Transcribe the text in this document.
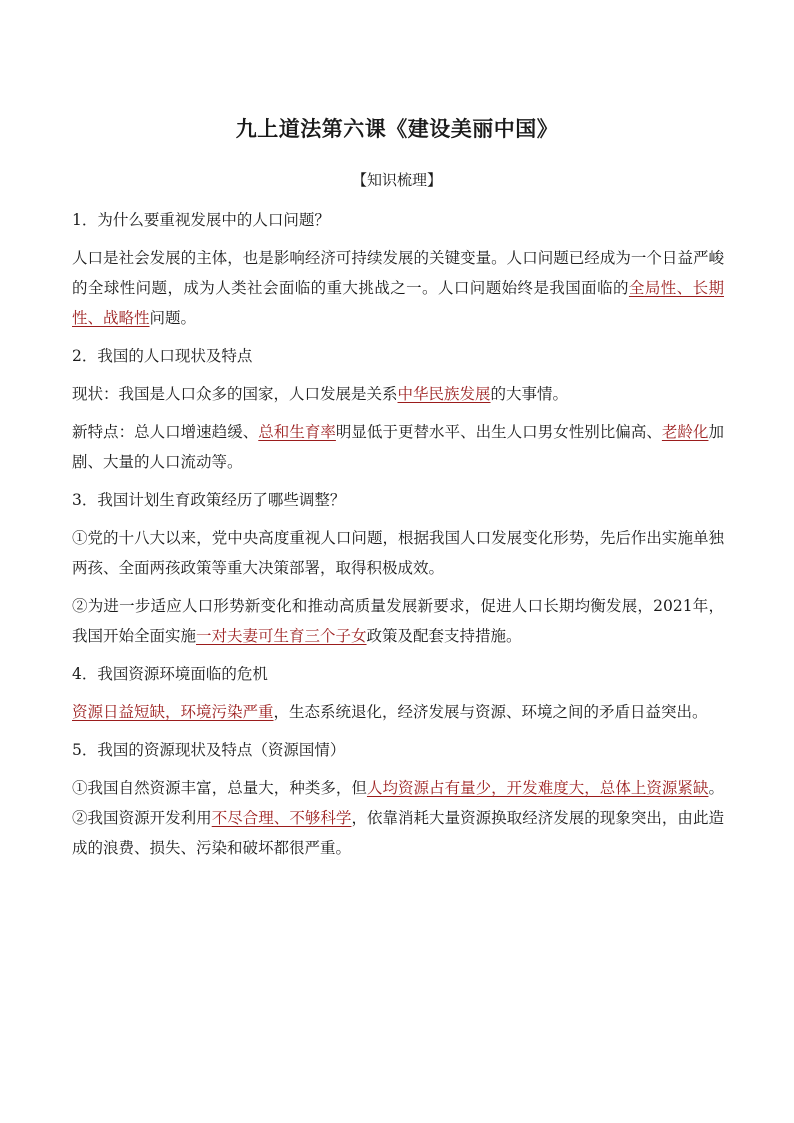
九上道法第六课《建设美丽中国》
【知识梳理】

1．为什么要重视发展中的人口问题？

人口是社会发展的主体，也是影响经济可持续发展的关键变量。人口问题已经成为一个日益严峻的全球性问题，成为人类社会面临的重大挑战之一。人口问题始终是我国面临的全局性、长期性、战略性问题。

2．我国的人口现状及特点

现状：我国是人口众多的国家，人口发展是关系中华民族发展的大事情。

新特点：总人口增速趋缓、总和生育率明显低于更替水平、出生人口男女性别比偏高、老龄化加剧、大量的人口流动等。

3．我国计划生育政策经历了哪些调整？

①党的十八大以来，党中央高度重视人口问题，根据我国人口发展变化形势，先后作出实施单独两孩、全面两孩政策等重大决策部署，取得积极成效。

②为进一步适应人口形势新变化和推动高质量发展新要求，促进人口长期均衡发展，2021年，我国开始全面实施一对夫妻可生育三个子女政策及配套支持措施。

4．我国资源环境面临的危机

资源日益短缺，环境污染严重，生态系统退化，经济发展与资源、环境之间的矛盾日益突出。

5．我国的资源现状及特点（资源国情）

①我国自然资源丰富，总量大，种类多，但人均资源占有量少，开发难度大，总体上资源紧缺。②我国资源开发利用不尽合理、不够科学，依靠消耗大量资源换取经济发展的现象突出，由此造成的浪费、损失、污染和破坏都很严重。
